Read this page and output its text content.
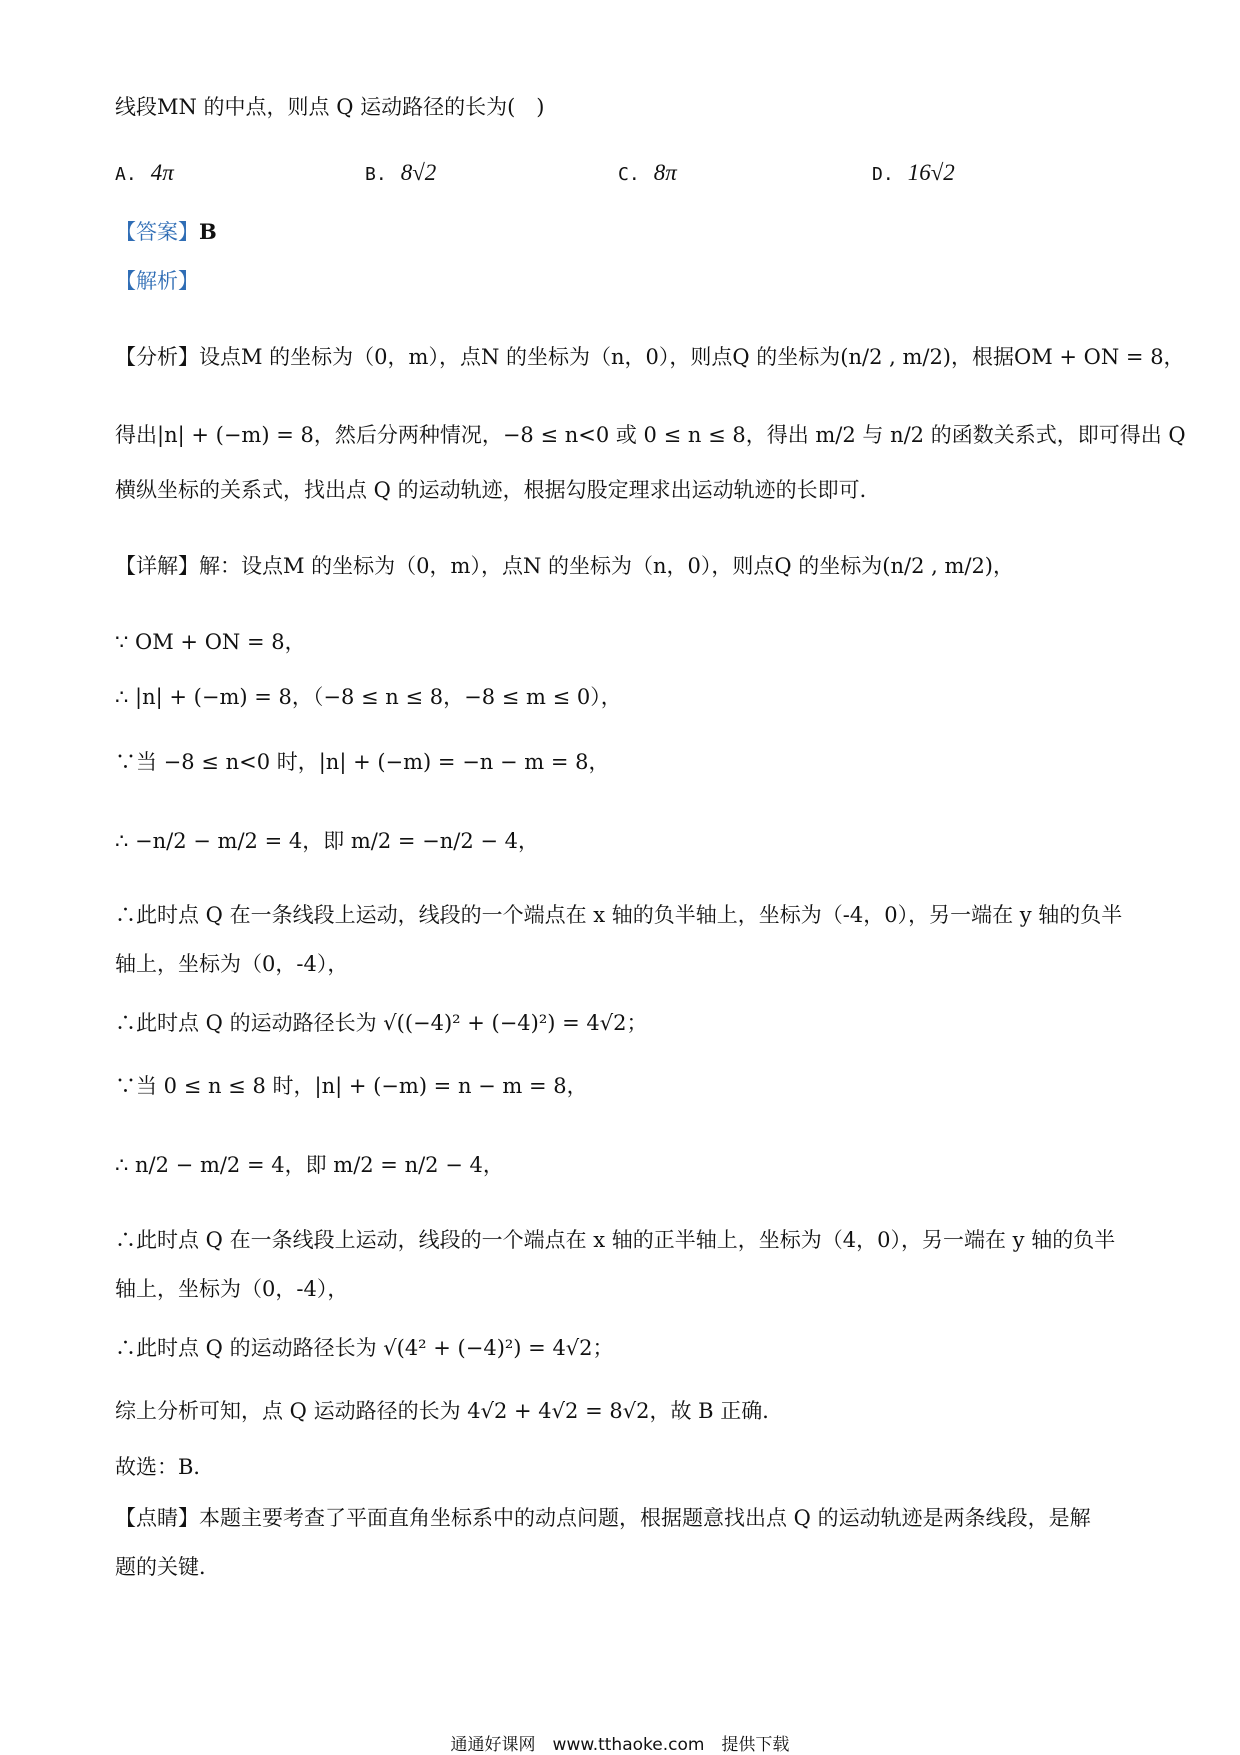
线段MN 的中点，则点 Q 运动路径的长为(　)
A. 4π	B. 8√2	C. 8π	D. 16√2
【答案】B
【解析】
【分析】设点M 的坐标为（0，m），点N 的坐标为（n，0），则点Q 的坐标为(n/2 , m/2)，根据OM + ON = 8，
得出|n| + (−m) = 8，然后分两种情况，−8 ≤ n<0 或 0 ≤ n ≤ 8，得出 m/2 与 n/2 的函数关系式，即可得出 Q
横纵坐标的关系式，找出点 Q 的运动轨迹，根据勾股定理求出运动轨迹的长即可．
【详解】解：设点M 的坐标为（0，m），点N 的坐标为（n，0），则点Q 的坐标为(n/2 , m/2)，
∵ OM + ON = 8，
∴ |n| + (−m) = 8，（−8 ≤ n ≤ 8，−8 ≤ m ≤ 0），
∵当 −8 ≤ n<0 时，|n| + (−m) = −n − m = 8，
∴ −n/2 − m/2 = 4，即 m/2 = −n/2 − 4，
∴此时点 Q 在一条线段上运动，线段的一个端点在 x 轴的负半轴上，坐标为（-4，0），另一端在 y 轴的负半
轴上，坐标为（0，-4），
∴此时点 Q 的运动路径长为 √((−4)² + (−4)²) = 4√2；
∵当 0 ≤ n ≤ 8 时，|n| + (−m) = n − m = 8，
∴ n/2 − m/2 = 4，即 m/2 = n/2 − 4，
∴此时点 Q 在一条线段上运动，线段的一个端点在 x 轴的正半轴上，坐标为（4，0），另一端在 y 轴的负半
轴上，坐标为（0，-4），
∴此时点 Q 的运动路径长为 √(4² + (−4)²) = 4√2；
综上分析可知，点 Q 运动路径的长为 4√2 + 4√2 = 8√2，故 B 正确．
故选：B．
【点睛】本题主要考查了平面直角坐标系中的动点问题，根据题意找出点 Q 的运动轨迹是两条线段，是解
题的关键．
通通好课网　www.tthaoke.com　提供下载
